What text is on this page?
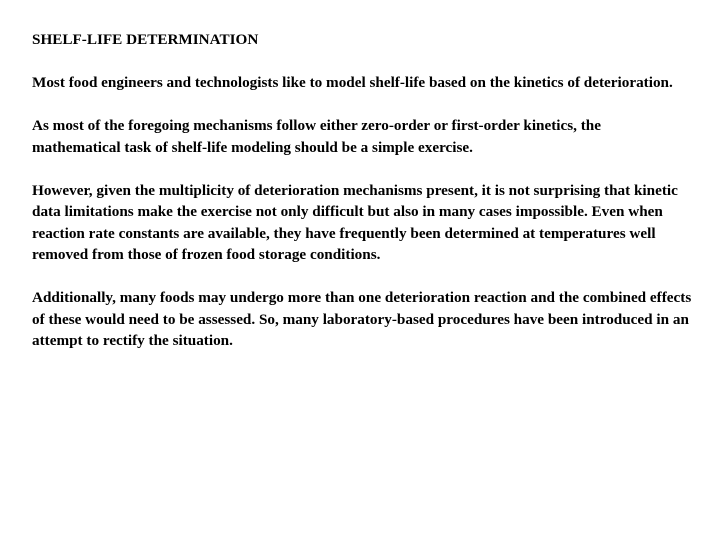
SHELF-LIFE DETERMINATION
Most food engineers and technologists like to model shelf-life based on the kinetics of deterioration.
As most of the foregoing mechanisms follow either zero-order or first-order kinetics, the mathematical task of shelf-life modeling should be a simple exercise.
However, given the multiplicity of deterioration mechanisms present, it is not surprising that kinetic data limitations make the exercise not only difficult but also in many cases impossible. Even when reaction rate constants are available, they have frequently been determined at temperatures well removed from those of frozen food storage conditions.
Additionally, many foods may undergo more than one deterioration reaction and the combined effects of these would need to be assessed. So, many laboratory-based procedures have been introduced in an attempt to rectify the situation.
